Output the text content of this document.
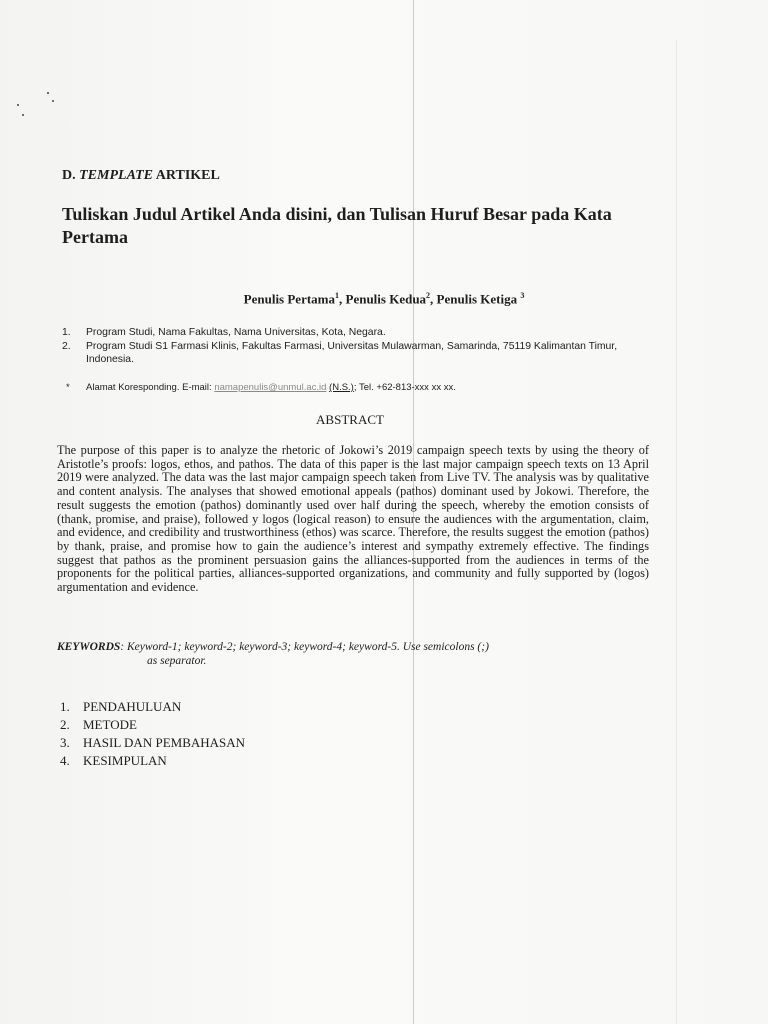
D. TEMPLATE ARTIKEL
Tuliskan Judul Artikel Anda disini, dan Tulisan Huruf Besar pada Kata Pertama
Penulis Pertama$^1$, Penulis Kedua$^2$, Penulis Ketiga $^3$
1. Program Studi, Nama Fakultas, Nama Universitas, Kota, Negara.
2. Program Studi S1 Farmasi Klinis, Fakultas Farmasi, Universitas Mulawarman, Samarinda, 75119 Kalimantan Timur, Indonesia.
* Alamat Koresponding. E-mail: namapenulis@unmul.ac.id (N.S.); Tel. +62-813-xxx xx xx.
ABSTRACT
The purpose of this paper is to analyze the rhetoric of Jokowi’s 2019 campaign speech texts by using the theory of Aristotle’s proofs: logos, ethos, and pathos. The data of this paper is the last major campaign speech texts on 13 April 2019 were analyzed. The data was the last major campaign speech taken from Live TV. The analysis was by qualitative and content analysis. The analyses that showed emotional appeals (pathos) dominant used by Jokowi. Therefore, the result suggests the emotion (pathos) dominantly used over half during the speech, whereby the emotion consists of (thank, promise, and praise), followed y logos (logical reason) to ensure the audiences with the argumentation, claim, and evidence, and credibility and trustworthiness (ethos) was scarce. Therefore, the results suggest the emotion (pathos) by thank, praise, and promise how to gain the audience’s interest and sympathy extremely effective. The findings suggest that pathos as the prominent persuasion gains the alliances-supported from the audiences in terms of the proponents for the political parties, alliances-supported organizations, and community and fully supported by (logos) argumentation and evidence.
KEYWORDS: Keyword-1; keyword-2; keyword-3; keyword-4; keyword-5. Use semicolons (;)
as separator.
1. PENDAHULUAN
2. METODE
3. HASIL DAN PEMBAHASAN
4. KESIMPULAN
